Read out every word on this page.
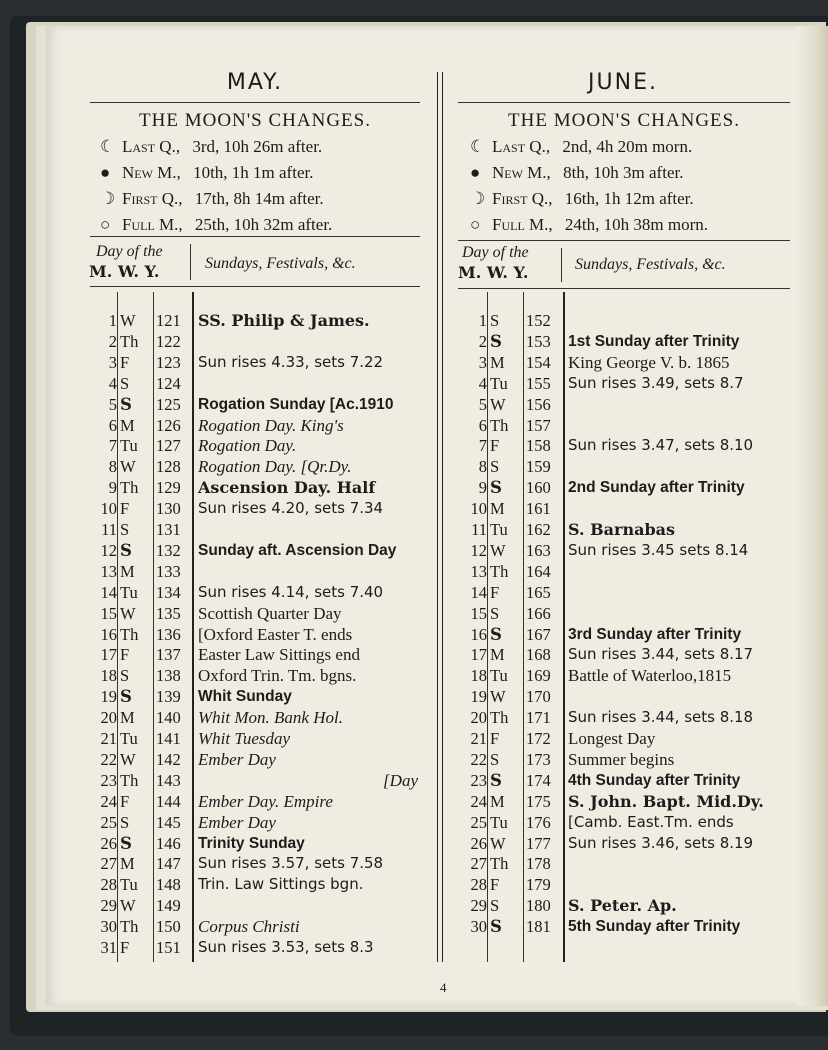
MAY.
THE MOON'S CHANGES.
☾ Last Q., 3rd, 10h 26m after.
● New M., 10th, 1h 1m after.
☽ First Q., 17th, 8h 14m after.
○ Full M., 25th, 10h 32m after.
Day of the
M. W. Y.	Sundays, Festivals, &c.
1 W 121 SS. Philip & James.
2 Th 122
3 F 123 Sun rises 4.33, sets 7.22
4 S 124
5 S 125 Rogation Sunday [Ac.1910
6 M 126 Rogation Day. King's
7 Tu 127 Rogation Day.
8 W 128 Rogation Day. [Qr.Dy.
9 Th 129 Ascension Day. Half
10 F 130 Sun rises 4.20, sets 7.34
11 S 131
12 S 132 Sunday aft. Ascension Day
13 M 133
14 Tu 134 Sun rises 4.14, sets 7.40
15 W 135 Scottish Quarter Day
16 Th 136 [Oxford Easter T. ends
17 F 137 Easter Law Sittings end
18 S 138 Oxford Trin. Tm. bgns.
19 S 139 Whit Sunday
20 M 140 Whit Mon. Bank Hol.
21 Tu 141 Whit Tuesday
22 W 142 Ember Day
23 Th 143	[Day
24 F 144 Ember Day. Empire
25 S 145 Ember Day
26 S 146 Trinity Sunday
27 M 147 Sun rises 3.57, sets 7.58
28 Tu 148 Trin. Law Sittings bgn.
29 W 149
30 Th 150 Corpus Christi
31 F 151 Sun rises 3.53, sets 8.3
JUNE.
THE MOON'S CHANGES.
☾ Last Q., 2nd, 4h 20m morn.
● New M., 8th, 10h 3m after.
☽ First Q., 16th, 1h 12m after.
○ Full M., 24th, 10h 38m morn.
Day of the
M. W. Y.	Sundays, Festivals, &c.
1 S 152
2 S 153 1st Sunday after Trinity
3 M 154 King George V. b. 1865
4 Tu 155 Sun rises 3.49, sets 8.7
5 W 156
6 Th 157
7 F 158 Sun rises 3.47, sets 8.10
8 S 159
9 S 160 2nd Sunday after Trinity
10 M 161
11 Tu 162 S. Barnabas
12 W 163 Sun rises 3.45 sets 8.14
13 Th 164
14 F 165
15 S 166
16 S 167 3rd Sunday after Trinity
17 M 168 Sun rises 3.44, sets 8.17
18 Tu 169 Battle of Waterloo,1815
19 W 170
20 Th 171 Sun rises 3.44, sets 8.18
21 F 172 Longest Day
22 S 173 Summer begins
23 S 174 4th Sunday after Trinity
24 M 175 S. John. Bapt. Mid.Dy.
25 Tu 176 [Camb. East.Tm. ends
26 W 177 Sun rises 3.46, sets 8.19
27 Th 178
28 F 179
29 S 180 S. Peter. Ap.
30 S 181 5th Sunday after Trinity
4
